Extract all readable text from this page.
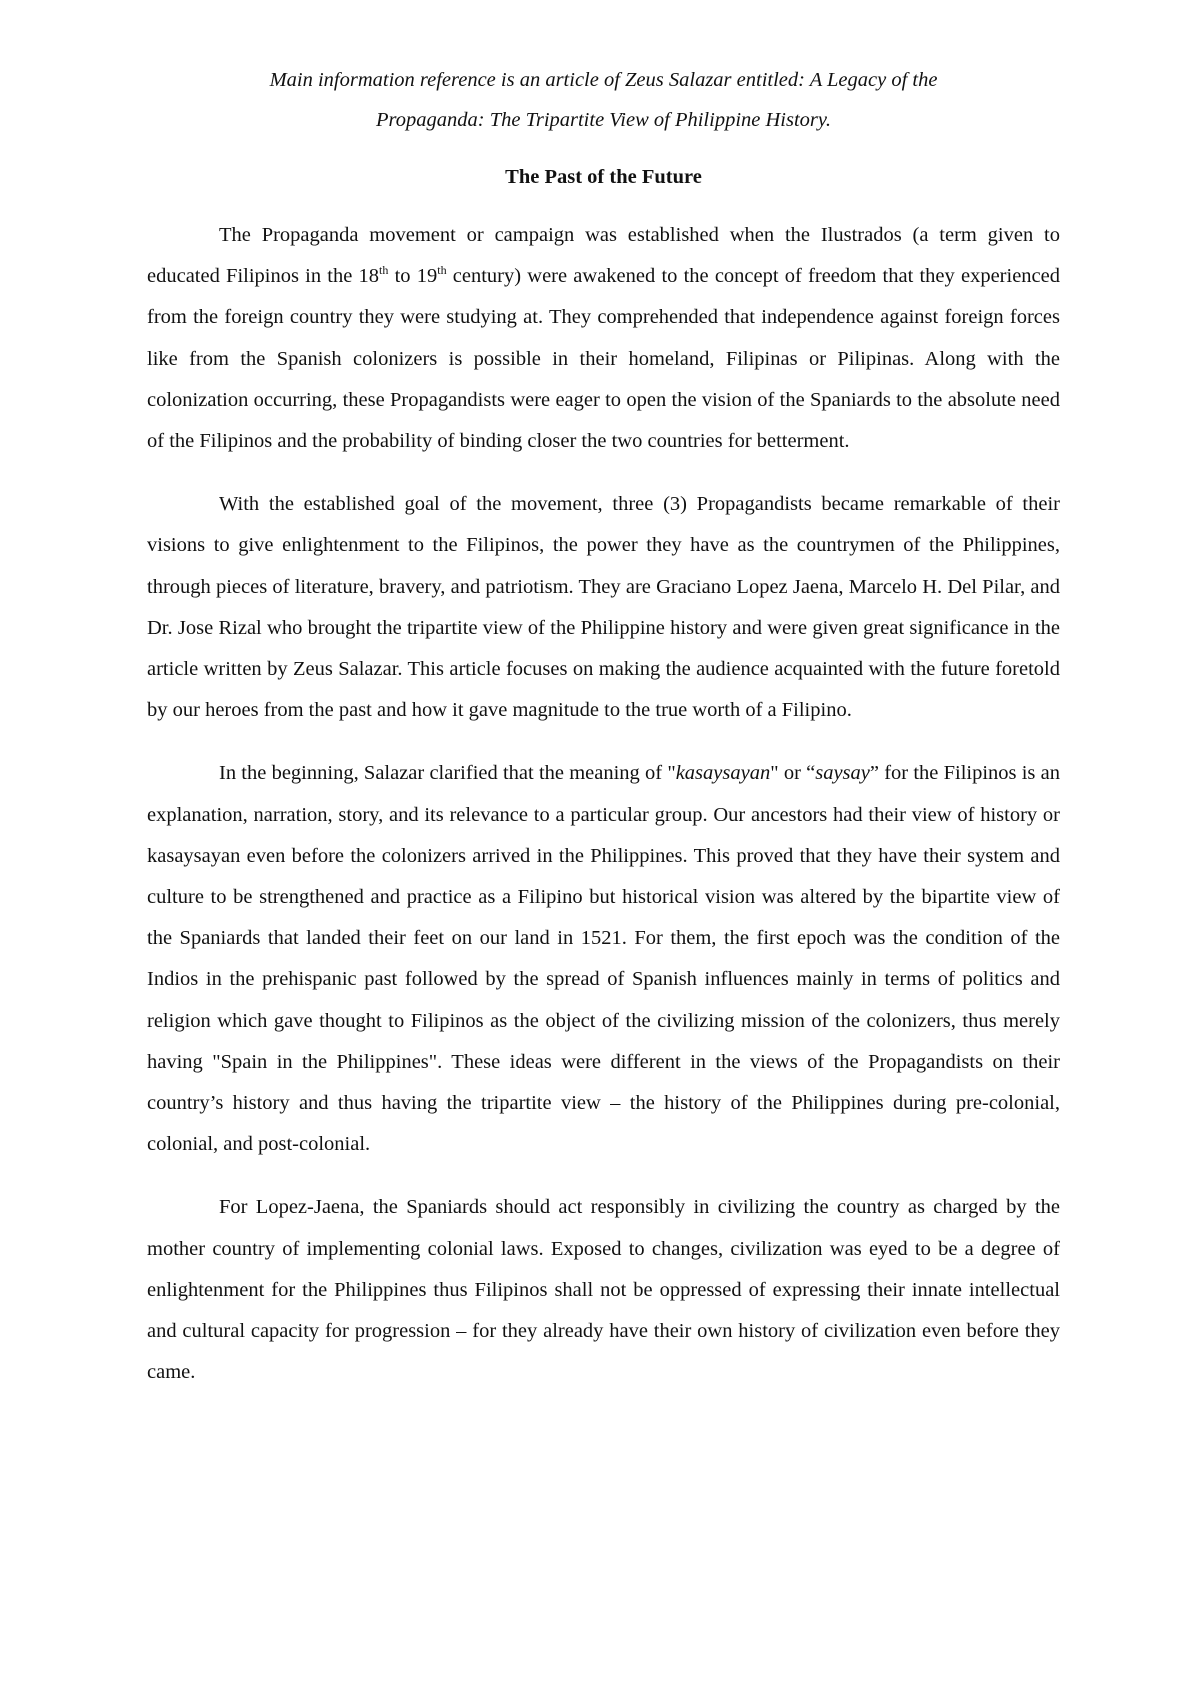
Main information reference is an article of Zeus Salazar entitled: A Legacy of the
Propaganda: The Tripartite View of Philippine History.

The Past of the Future

The Propaganda movement or campaign was established when the Ilustrados (a term given to educated Filipinos in the 18th to 19th century) were awakened to the concept of freedom that they experienced from the foreign country they were studying at. They comprehended that independence against foreign forces like from the Spanish colonizers is possible in their homeland, Filipinas or Pilipinas. Along with the colonization occurring, these Propagandists were eager to open the vision of the Spaniards to the absolute need of the Filipinos and the probability of binding closer the two countries for betterment.

With the established goal of the movement, three (3) Propagandists became remarkable of their visions to give enlightenment to the Filipinos, the power they have as the countrymen of the Philippines, through pieces of literature, bravery, and patriotism. They are Graciano Lopez Jaena, Marcelo H. Del Pilar, and Dr. Jose Rizal who brought the tripartite view of the Philippine history and were given great significance in the article written by Zeus Salazar. This article focuses on making the audience acquainted with the future foretold by our heroes from the past and how it gave magnitude to the true worth of a Filipino.

In the beginning, Salazar clarified that the meaning of "kasaysayan" or “saysay” for the Filipinos is an explanation, narration, story, and its relevance to a particular group. Our ancestors had their view of history or kasaysayan even before the colonizers arrived in the Philippines. This proved that they have their system and culture to be strengthened and practice as a Filipino but historical vision was altered by the bipartite view of the Spaniards that landed their feet on our land in 1521. For them, the first epoch was the condition of the Indios in the prehispanic past followed by the spread of Spanish influences mainly in terms of politics and religion which gave thought to Filipinos as the object of the civilizing mission of the colonizers, thus merely having "Spain in the Philippines". These ideas were different in the views of the Propagandists on their country’s history and thus having the tripartite view – the history of the Philippines during pre-colonial, colonial, and post-colonial.

For Lopez-Jaena, the Spaniards should act responsibly in civilizing the country as charged by the mother country of implementing colonial laws. Exposed to changes, civilization was eyed to be a degree of enlightenment for the Philippines thus Filipinos shall not be oppressed of expressing their innate intellectual and cultural capacity for progression – for they already have their own history of civilization even before they came.
